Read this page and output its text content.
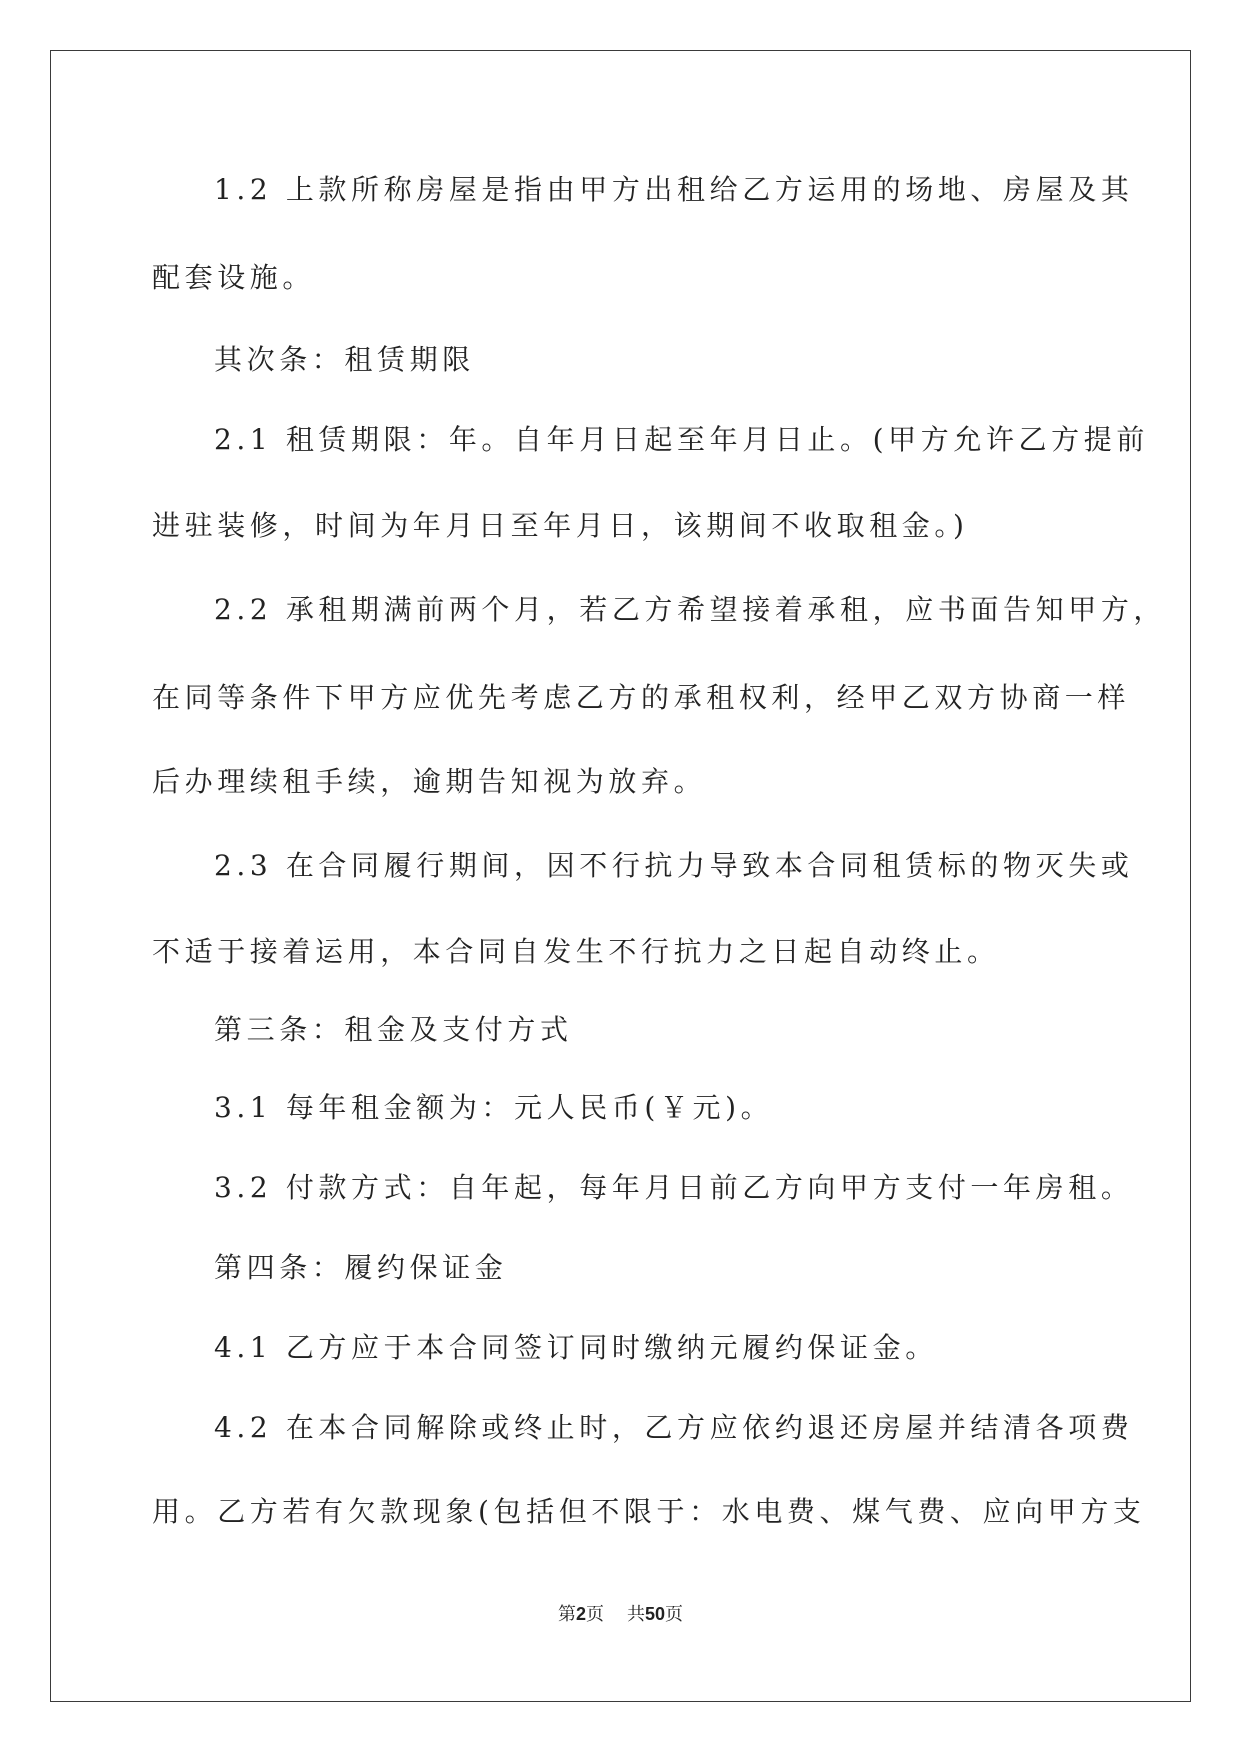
1.2 上款所称房屋是指由甲方出租给乙方运用的场地、房屋及其
配套设施。
其次条：租赁期限
2.1 租赁期限：年。自年月日起至年月日止。(甲方允许乙方提前
进驻装修，时间为年月日至年月日，该期间不收取租金。)
2.2 承租期满前两个月，若乙方希望接着承租，应书面告知甲方，
在同等条件下甲方应优先考虑乙方的承租权利，经甲乙双方协商一样
后办理续租手续，逾期告知视为放弃。
2.3 在合同履行期间，因不行抗力导致本合同租赁标的物灭失或
不适于接着运用，本合同自发生不行抗力之日起自动终止。
第三条：租金及支付方式
3.1 每年租金额为：元人民币(￥元)。
3.2 付款方式：自年起，每年月日前乙方向甲方支付一年房租。
第四条：履约保证金
4.1 乙方应于本合同签订同时缴纳元履约保证金。
4.2 在本合同解除或终止时，乙方应依约退还房屋并结清各项费
用。乙方若有欠款现象(包括但不限于：水电费、煤气费、应向甲方支
第2页 共50页
